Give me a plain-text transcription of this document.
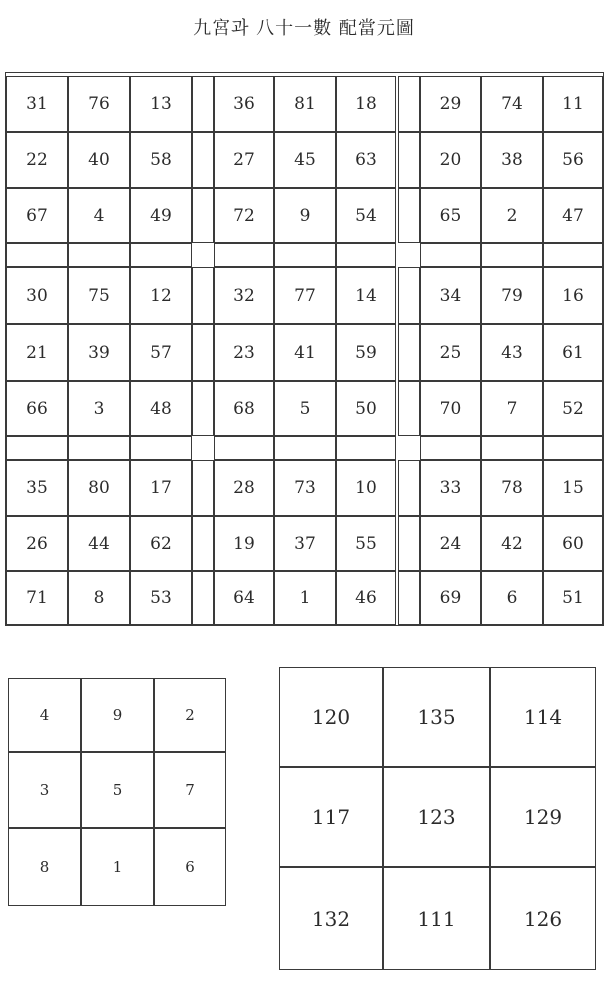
九宮과 八十一數 配當元圖
31	76	13	36	81	18	29	74	11
22	40	58	27	45	63	20	38	56
67	4	49	72	9	54	65	2	47
30	75	12	32	77	14	34	79	16
21	39	57	23	41	59	25	43	61
66	3	48	68	5	50	70	7	52
35	80	17	28	73	10	33	78	15
26	44	62	19	37	55	24	42	60
71	8	53	64	1	46	69	6	51
4	9	2
3	5	7
8	1	6
120	135	114
117	123	129
132	111	126
